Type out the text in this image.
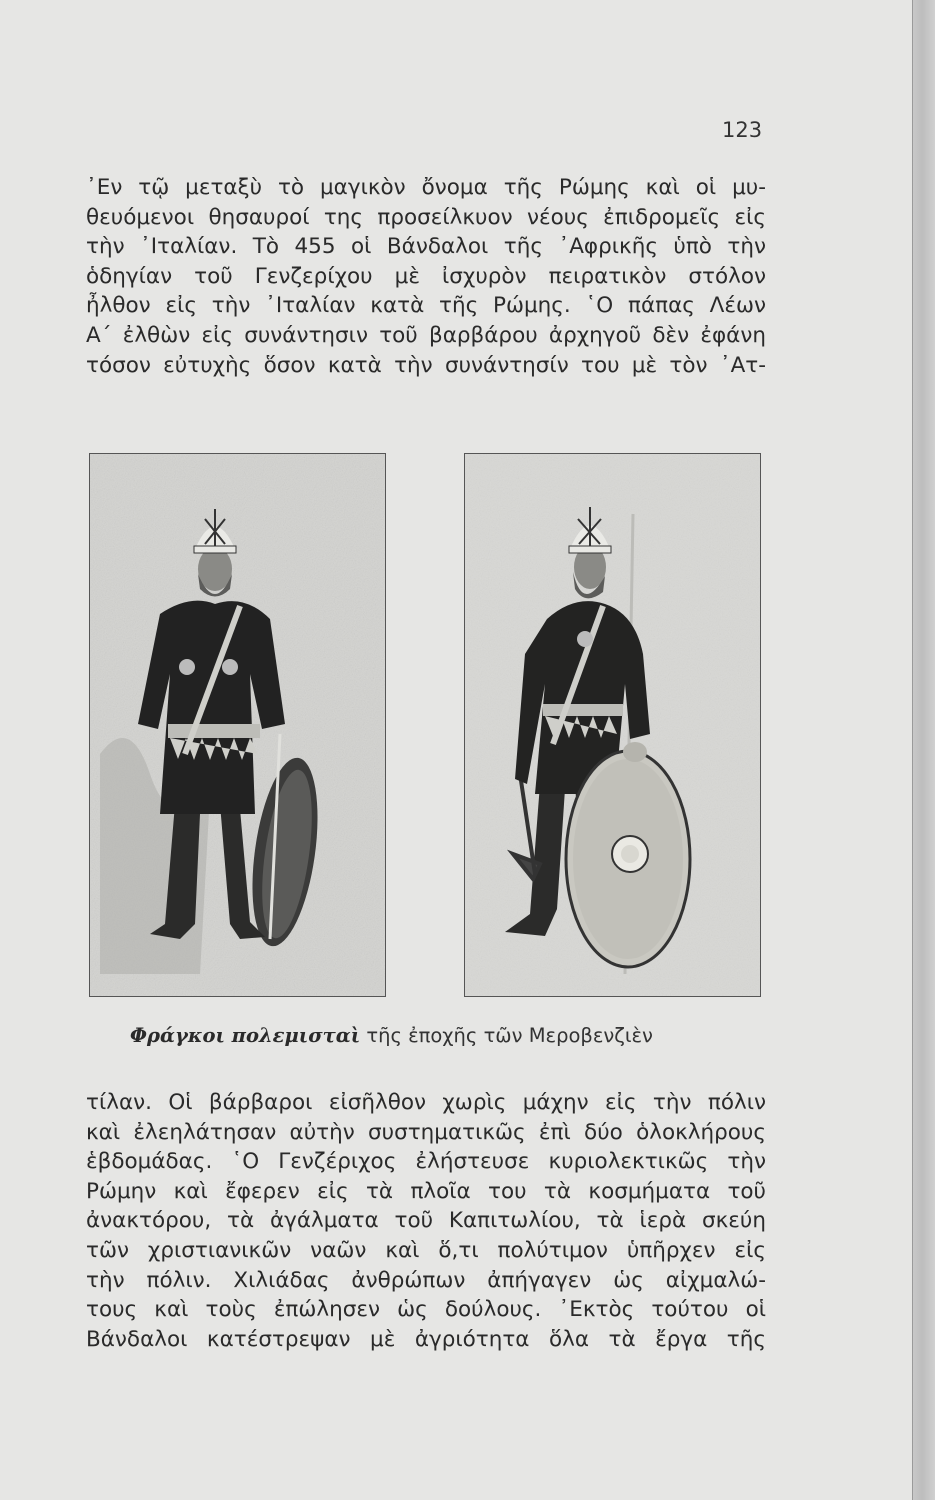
123
᾿Εν τῷ μεταξὺ τὸ μαγικὸν ὄνομα τῆς Ρώμης καὶ οἱ μυ-
θευόμενοι θησαυροί της προσείλκυον νέους ἐπιδρομεῖς εἰς
τὴν ᾿Ιταλίαν. Τὸ 455 οἱ Βάνδαλοι τῆς ᾿Αφρικῆς ὑπὸ τὴν
ὁδηγίαν τοῦ Γενζερίχου μὲ ἰσχυρὸν πειρατικὸν στόλον
ἦλθον εἰς τὴν ᾿Ιταλίαν κατὰ τῆς Ρώμης. ῾Ο πάπας Λέων
Α΄ ἐλθὼν εἰς συνάντησιν τοῦ βαρβάρου ἀρχηγοῦ δὲν ἐφάνη
τόσον εὐτυχὴς ὅσον κατὰ τὴν συνάντησίν του μὲ τὸν ᾿Ατ-
Φράγκοι πολεμισταὶ τῆς ἐποχῆς τῶν Μεροβενζιὲν
τίλαν. Οἱ βάρβαροι εἰσῆλθον χωρὶς μάχην εἰς τὴν πόλιν
καὶ ἐλεηλάτησαν αὐτὴν συστηματικῶς ἐπὶ δύο ὁλοκλήρους
ἑβδομάδας. ῾Ο Γενζέριχος ἐλήστευσε κυριολεκτικῶς τὴν
Ρώμην καὶ ἔφερεν εἰς τὰ πλοῖα του τὰ κοσμήματα τοῦ
ἀνακτόρου, τὰ ἀγάλματα τοῦ Καπιτωλίου, τὰ ἱερὰ σκεύη
τῶν χριστιανικῶν ναῶν καὶ ὅ,τι πολύτιμον ὑπῆρχεν εἰς
τὴν πόλιν. Χιλιάδας ἀνθρώπων ἀπήγαγεν ὡς αἰχμαλώ-
τους καὶ τοὺς ἐπώλησεν ὡς δούλους. ᾿Εκτὸς τούτου οἱ
Βάνδαλοι κατέστρεψαν μὲ ἀγριότητα ὅλα τὰ ἔργα τῆς
